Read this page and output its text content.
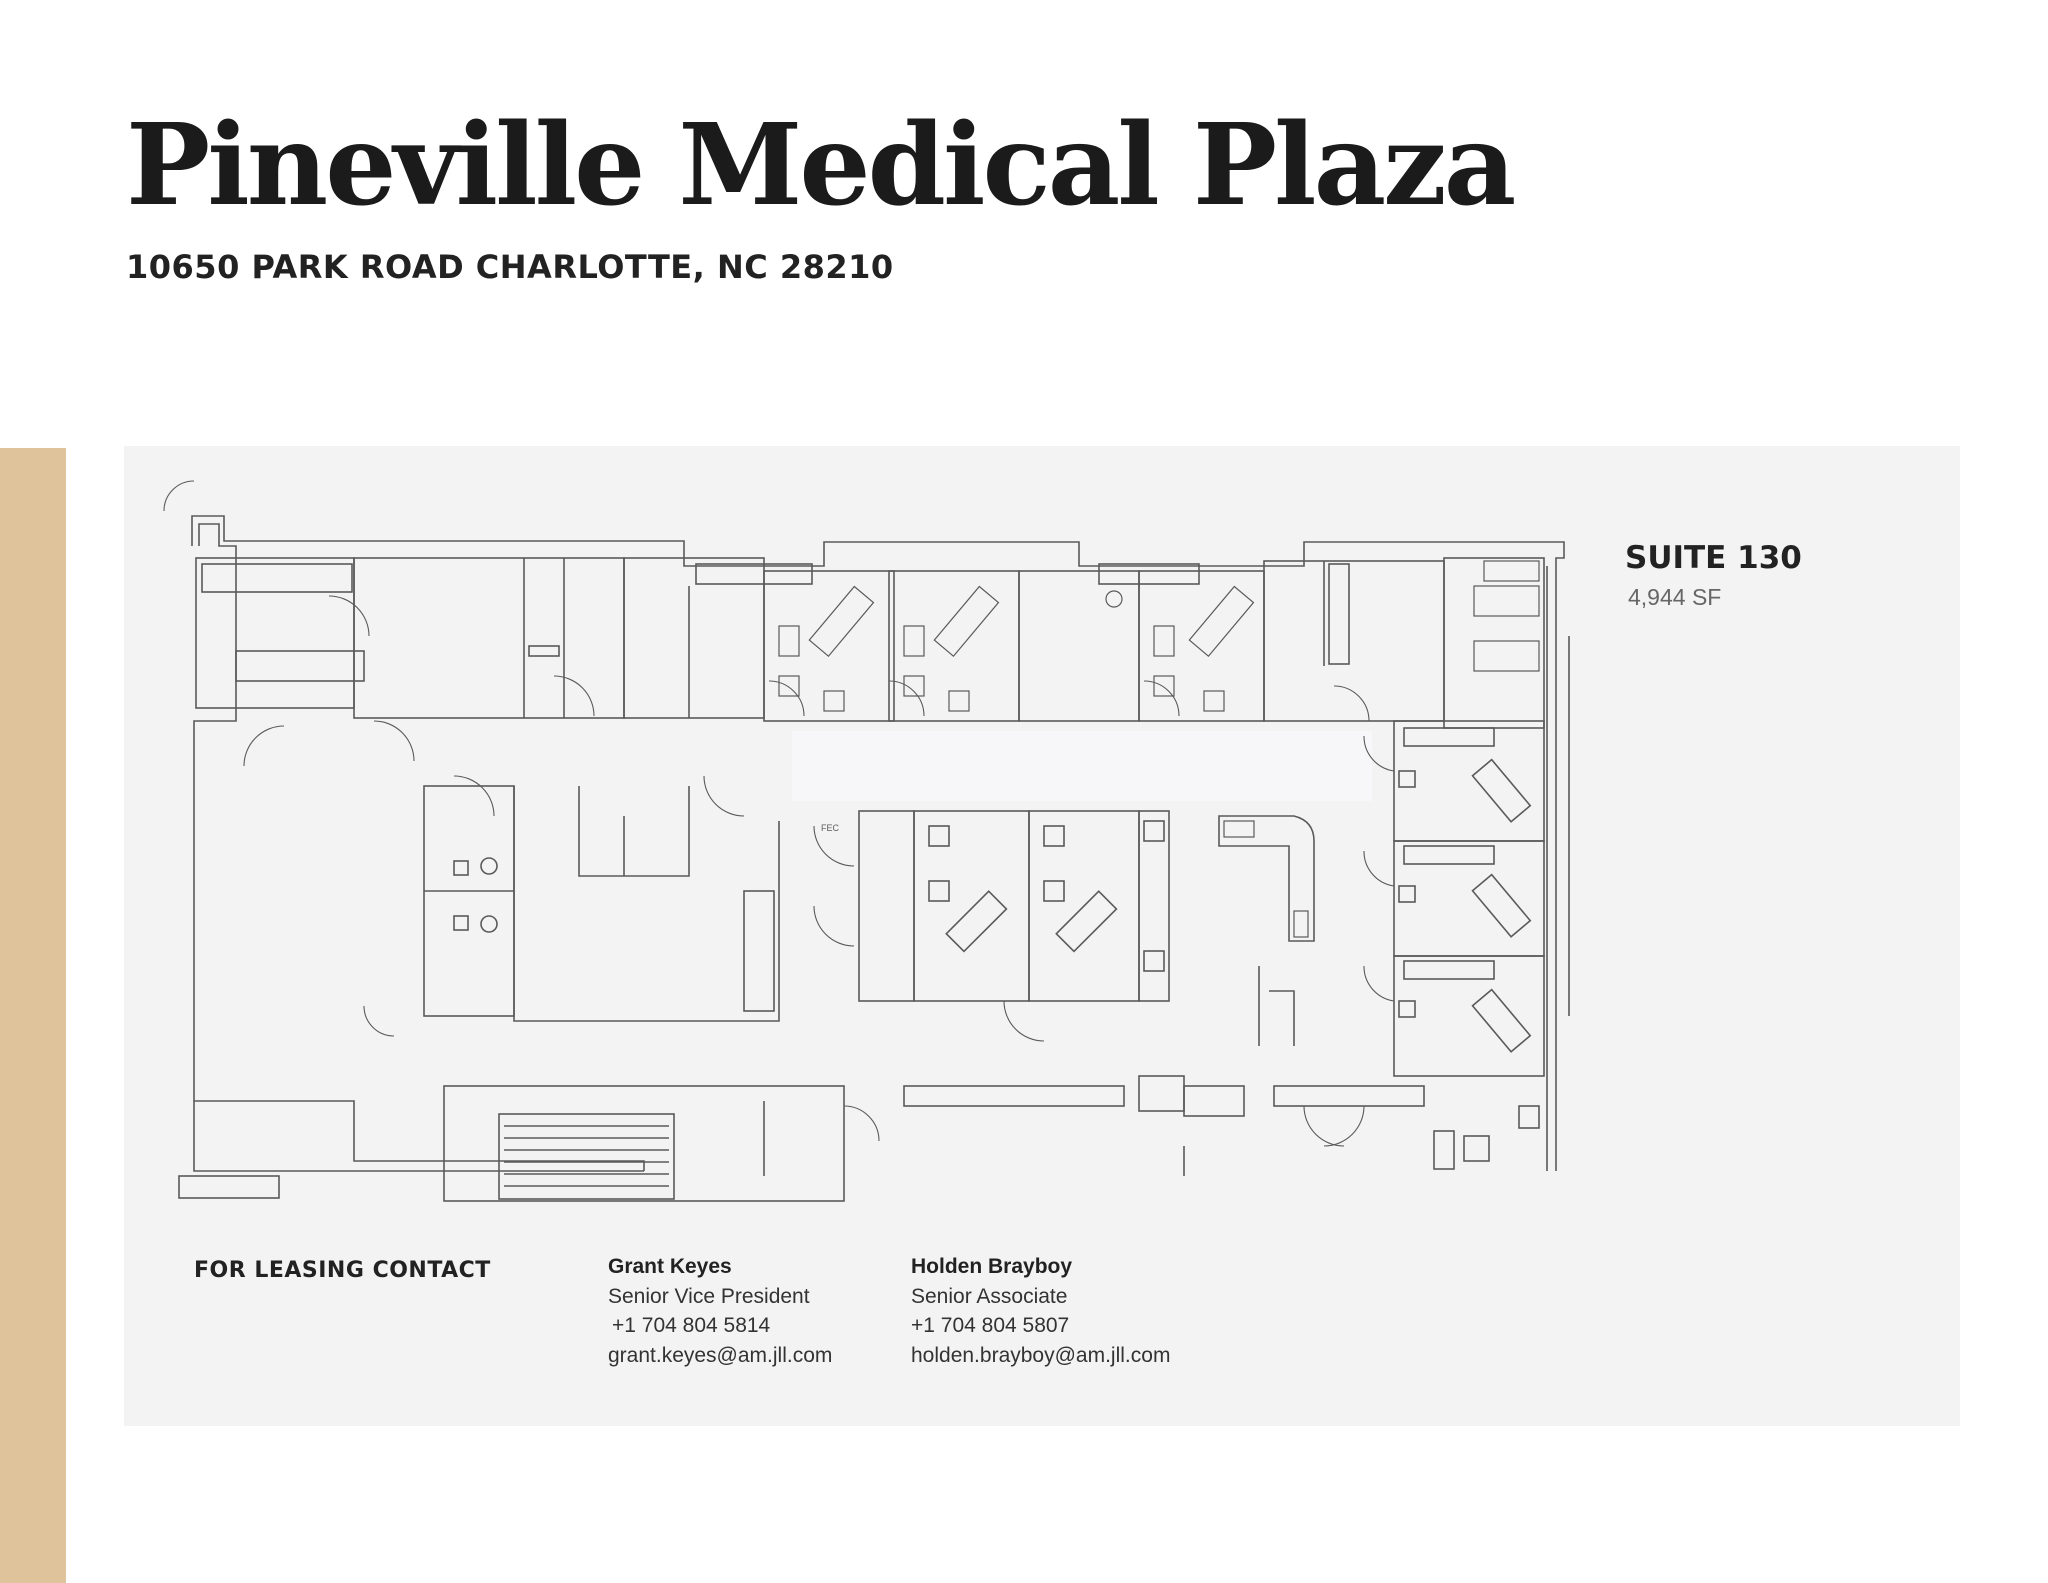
Pineville Medical Plaza

10650 PARK ROAD CHARLOTTE, NC 28210

FEC

SUITE 130

4,944 SF

FOR LEASING CONTACT	Grant Keyes
Senior Vice President
+1 704 804 5814
grant.keyes@am.jll.com
Holden Brayboy
Senior Associate
+1 704 804 5807
holden.brayboy@am.jll.com
